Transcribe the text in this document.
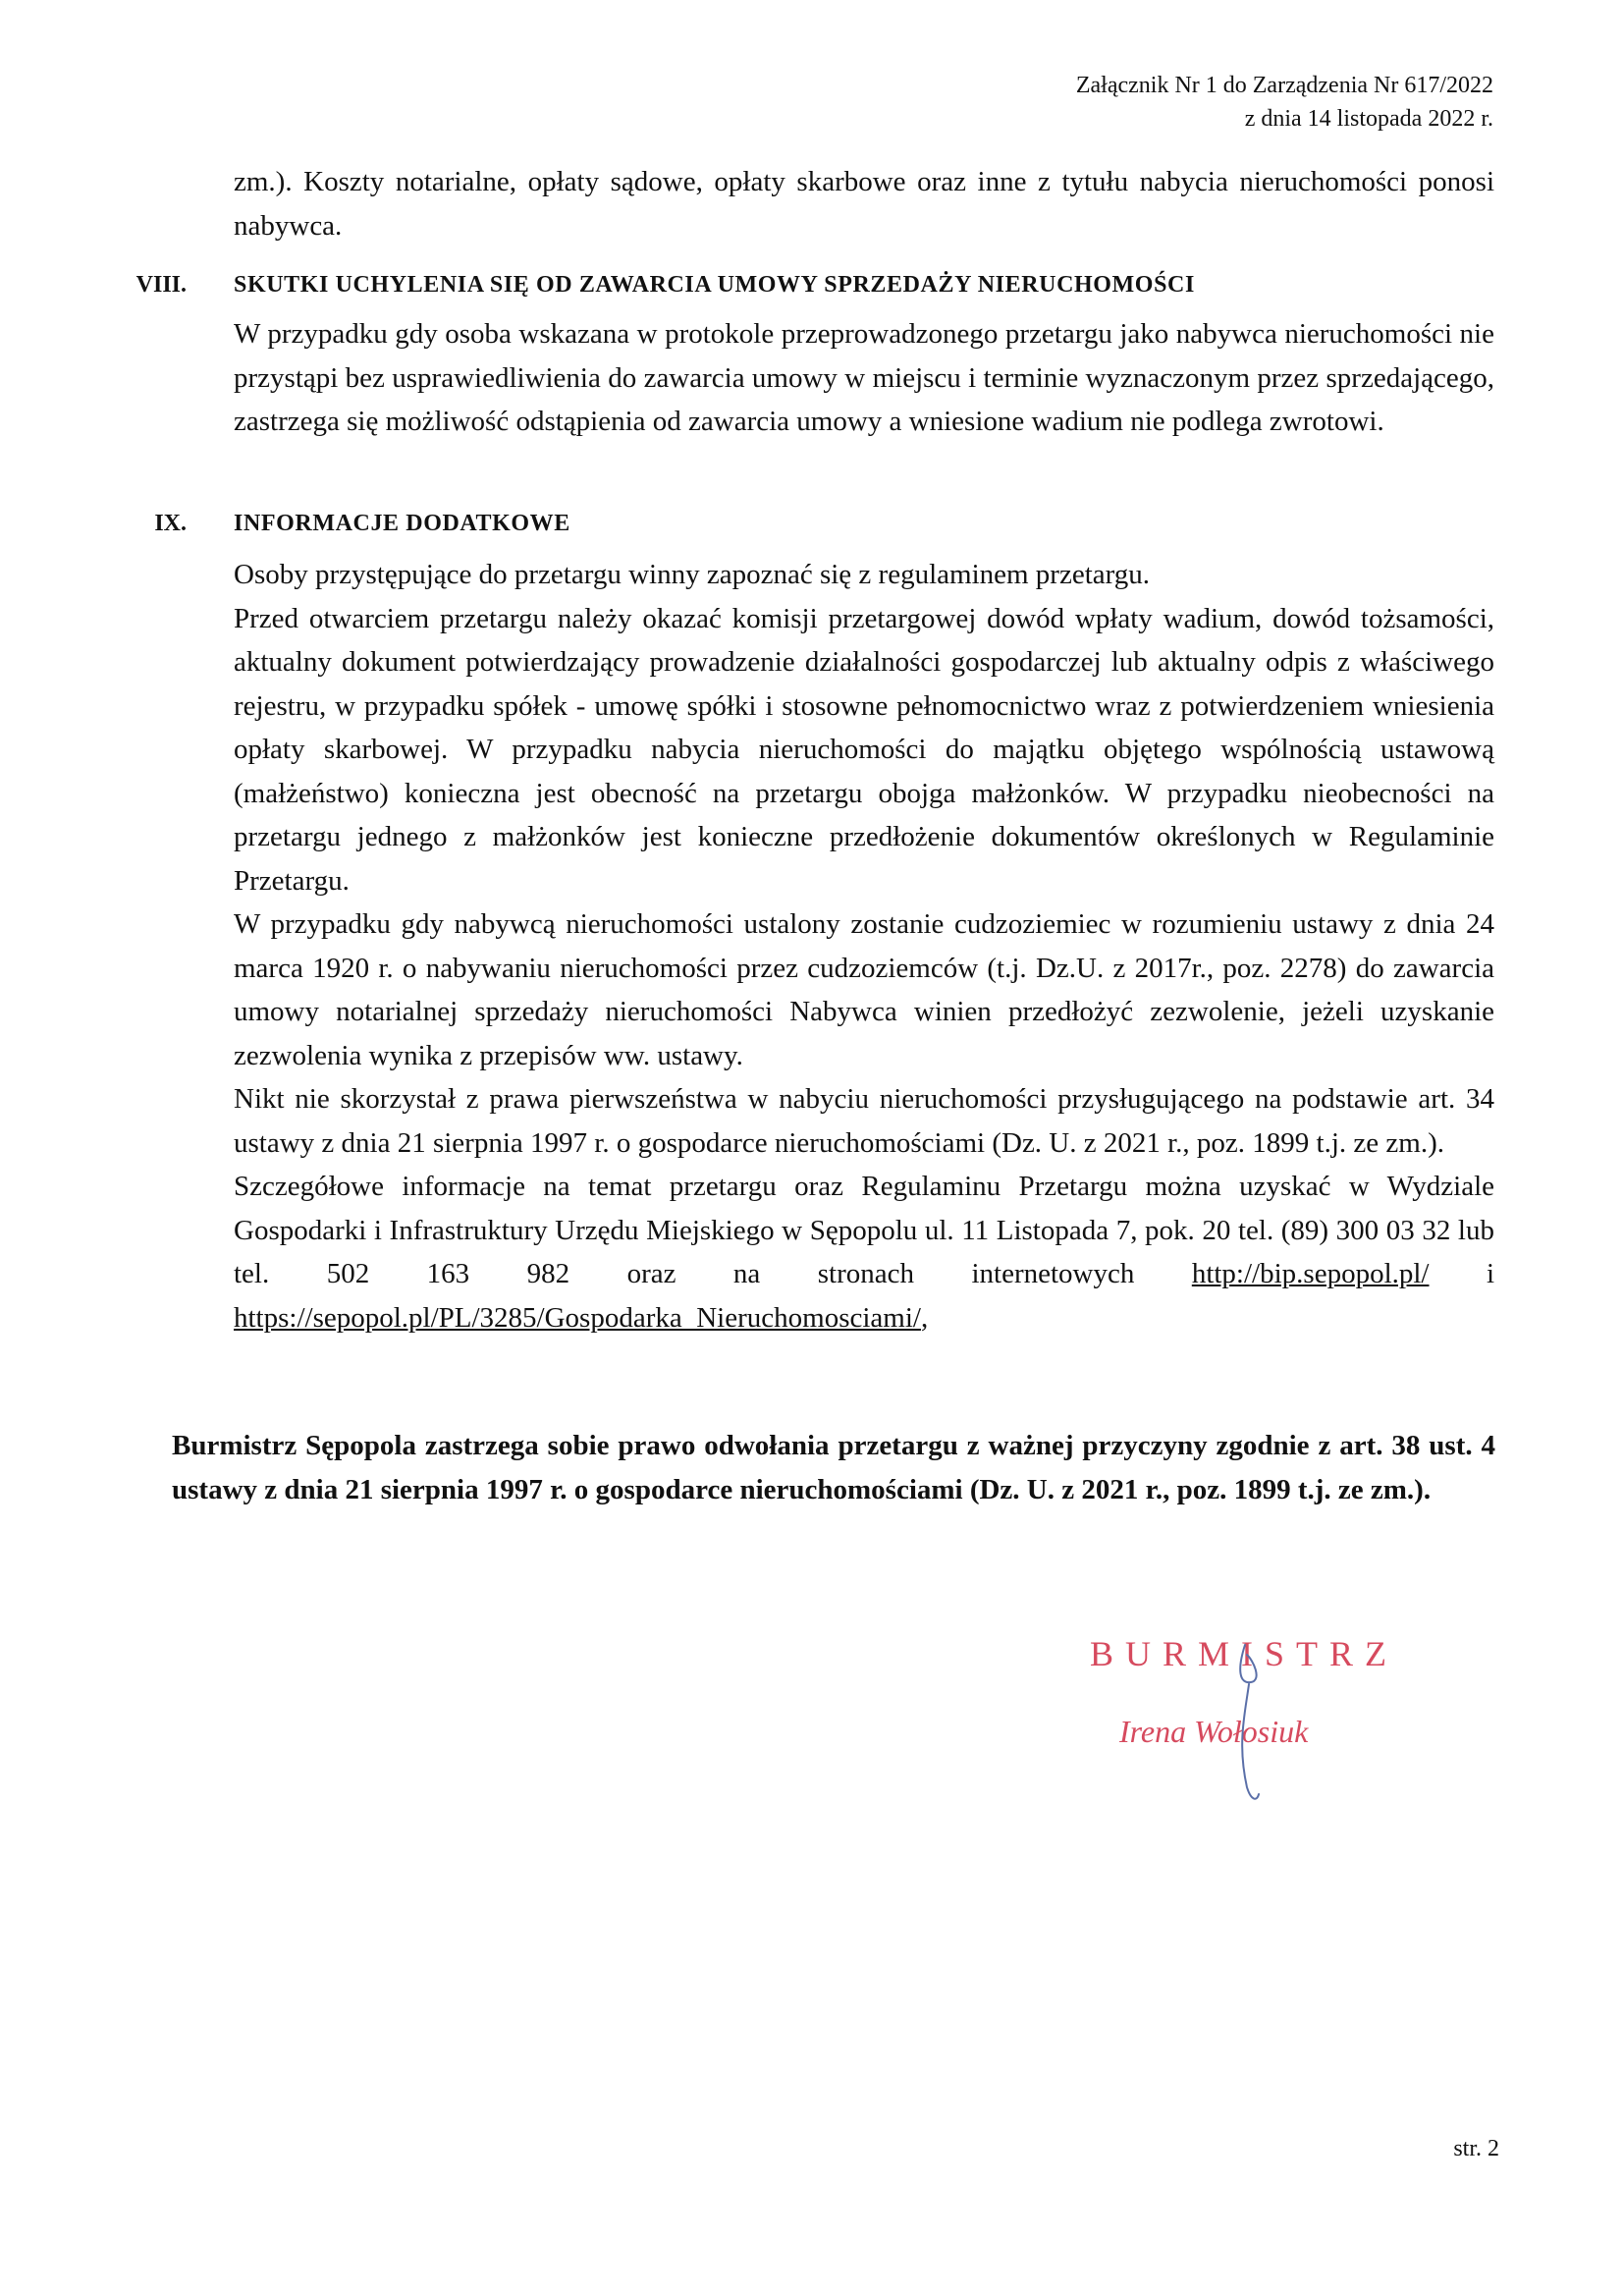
Załącznik Nr 1 do Zarządzenia Nr 617/2022
z dnia 14 listopada 2022 r.

zm.). Koszty notarialne, opłaty sądowe, opłaty skarbowe oraz inne z tytułu nabycia nieruchomości ponosi nabywca.

VIII. SKUTKI UCHYLENIA SIĘ OD ZAWARCIA UMOWY SPRZEDAŻY NIERUCHOMOŚCI

W przypadku gdy osoba wskazana w protokole przeprowadzonego przetargu jako nabywca nieruchomości nie przystąpi bez usprawiedliwienia do zawarcia umowy w miejscu i terminie wyznaczonym przez sprzedającego, zastrzega się możliwość odstąpienia od zawarcia umowy a wniesione wadium nie podlega zwrotowi.

IX. INFORMACJE DODATKOWE

Osoby przystępujące do przetargu winny zapoznać się z regulaminem przetargu.

Przed otwarciem przetargu należy okazać komisji przetargowej dowód wpłaty wadium, dowód tożsamości, aktualny dokument potwierdzający prowadzenie działalności gospodarczej lub aktualny odpis z właściwego rejestru, w przypadku spółek - umowę spółki i stosowne pełnomocnictwo wraz z potwierdzeniem wniesienia opłaty skarbowej. W przypadku nabycia nieruchomości do majątku objętego wspólnością ustawową (małżeństwo) konieczna jest obecność na przetargu obojga małżonków. W przypadku nieobecności na przetargu jednego z małżonków jest konieczne przedłożenie dokumentów określonych w Regulaminie Przetargu.

W przypadku gdy nabywcą nieruchomości ustalony zostanie cudzoziemiec w rozumieniu ustawy z dnia 24 marca 1920 r. o nabywaniu nieruchomości przez cudzoziemców (t.j. Dz.U. z 2017r., poz. 2278) do zawarcia umowy notarialnej sprzedaży nieruchomości Nabywca winien przedłożyć zezwolenie, jeżeli uzyskanie zezwolenia wynika z przepisów ww. ustawy.

Nikt nie skorzystał z prawa pierwszeństwa w nabyciu nieruchomości przysługującego na podstawie art. 34 ustawy z dnia 21 sierpnia 1997 r. o gospodarce nieruchomościami (Dz. U. z 2021 r., poz. 1899 t.j. ze zm.).

Szczegółowe informacje na temat przetargu oraz Regulaminu Przetargu można uzyskać w Wydziale Gospodarki i Infrastruktury Urzędu Miejskiego w Sępopolu ul. 11 Listopada 7, pok. 20 tel. (89) 300 03 32 lub tel. 502 163 982 oraz na stronach internetowych http://bip.sepopol.pl/ i https://sepopol.pl/PL/3285/Gospodarka_Nieruchomosciami/,

Burmistrz Sępopola zastrzega sobie prawo odwołania przetargu z ważnej przyczyny zgodnie z art. 38 ust. 4 ustawy z dnia 21 sierpnia 1997 r. o gospodarce nieruchomościami (Dz. U. z 2021 r., poz. 1899 t.j. ze zm.).
BURMISTRZ
Irena Wołosiuk
str. 2
